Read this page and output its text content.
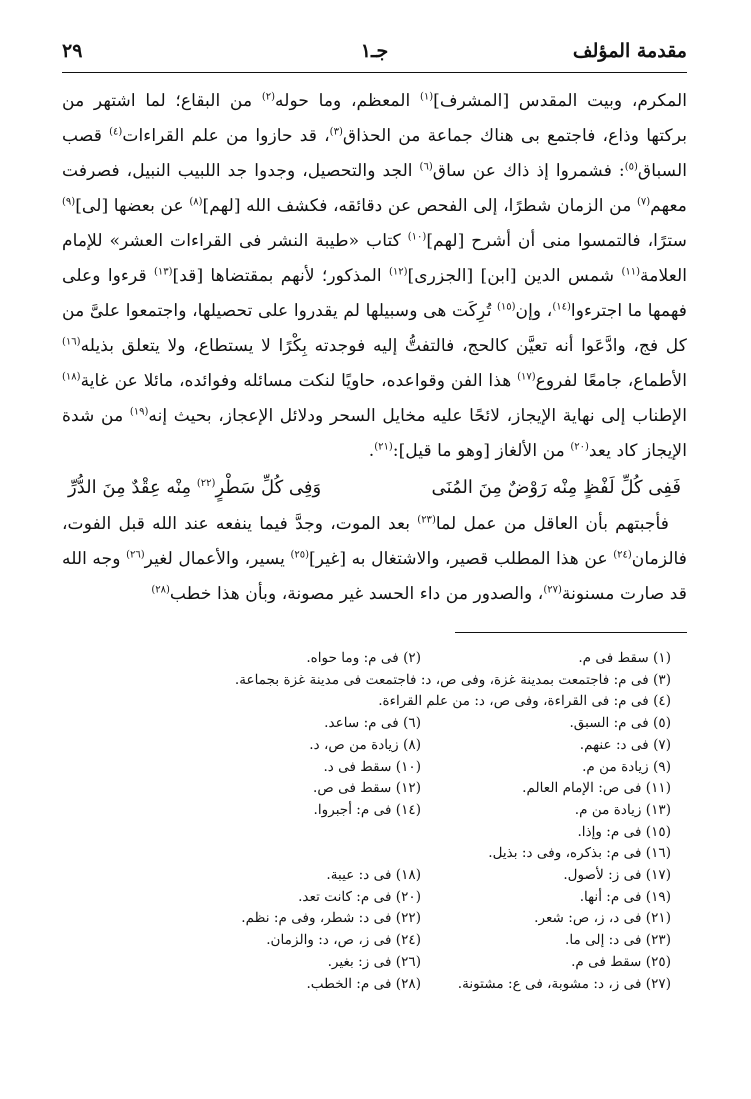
مقدمة المؤلف
جـ١
٢٩

المكرم، وبيت المقدس [المشرف]$^{(١)}$ المعظم، وما حوله$^{(٢)}$ من البقاع؛ لما اشتهر من بركتها وذاع، فاجتمع بى هناك جماعة من الحذاق$^{(٣)}$، قد حازوا من علم القراءات$^{(٤)}$ قصب السباق$^{(٥)}$: فشمروا إذ ذاك عن ساق$^{(٦)}$ الجد والتحصيل، وجدوا جد اللبيب النبيل، فصرفت معهم$^{(٧)}$ من الزمان شطرًا، إلى الفحص عن دقائقه، فكشف الله [لهم]$^{(٨)}$ عن بعضها [لى]$^{(٩)}$ سترًا، فالتمسوا منى أن أشرح [لهم]$^{(١٠)}$ كتاب «طيبة النشر فى القراءات العشر» للإمام العلامة$^{(١١)}$ شمس الدين [ابن] [الجزرى]$^{(١٢)}$ المذكور؛ لأنهم بمقتضاها [قد]$^{(١٣)}$ قرءوا وعلى فهمها ما اجترءوا$^{(١٤)}$، وإن$^{(١٥)}$ تُرِكَت هى وسبيلها لم يقدروا على تحصيلها، واجتمعوا علىَّ من كل فج، وادَّعَوا أنه تعيَّن كالحج، فالتفتُّ إليه فوجدته بِكْرًا لا يستطاع، ولا يتعلق بذيله$^{(١٦)}$ الأطماع، جامعًا لفروع$^{(١٧)}$ هذا الفن وقواعده، حاويًا لنكت مسائله وفوائده، مائلا عن غاية$^{(١٨)}$ الإطناب إلى نهاية الإيجاز، لائحًا عليه مخايل السحر ودلائل الإعجاز، بحيث إنه$^{(١٩)}$ من شدة الإيجاز كاد يعد$^{(٢٠)}$ من الألغاز [وهو ما قيل]:$^{(٢١)}$.

فَفِى كُلِّ لَفْظٍ مِنْه رَوْضٌ مِنَ المُنَى
وَفِى كُلِّ سَطْرٍ$^{(٢٢)}$ مِنْه عِقْدٌ مِنَ الدُّرِّ

فأجبتهم بأن العاقل من عمل لما$^{(٢٣)}$ بعد الموت، وجدَّ فيما ينفعه عند الله قبل الفوت، فالزمان$^{(٢٤)}$ عن هذا المطلب قصير، والاشتغال به [غير]$^{(٢٥)}$ يسير، والأعمال لغير$^{(٢٦)}$ وجه الله قد صارت مسنونة$^{(٢٧)}$، والصدور من داء الحسد غير مصونة، وبأن هذا خطب$^{(٢٨)}$

(١) سقط فى م.
(٢) فى م: وما حواه.
(٣) فى م: فاجتمعت بمدينة غزة، وفى ص، د: فاجتمعت فى مدينة غزة بجماعة.
(٤) فى م: فى القراءة، وفى ص، د: من علم القراءة.
(٥) فى م: السبق.
(٦) فى م: ساعد.
(٧) فى د: عنهم.
(٨) زيادة من ص، د.
(٩) زيادة من م.
(١٠) سقط فى د.
(١١) فى ص: الإمام العالم.
(١٢) سقط فى ص.
(١٣) زيادة من م.
(١٤) فى م: أجبروا.
(١٥) فى م: وإذا.
(١٦) فى م: بذكره، وفى د: بذيل.
(١٧) فى ز: لأصول.
(١٨) فى د: عيبة.
(١٩) فى م: أنها.
(٢٠) فى م: كانت تعد.
(٢١) فى د، ز، ص: شعر.
(٢٢) فى د: شطر، وفى م: نظم.
(٢٣) فى د: إلى ما.
(٢٤) فى ز، ص، د: والزمان.
(٢٥) سقط فى م.
(٢٦) فى ز: بغير.
(٢٧) فى ز، د: مشوبة، فى ع: مشتونة.
(٢٨) فى م: الخطب.
